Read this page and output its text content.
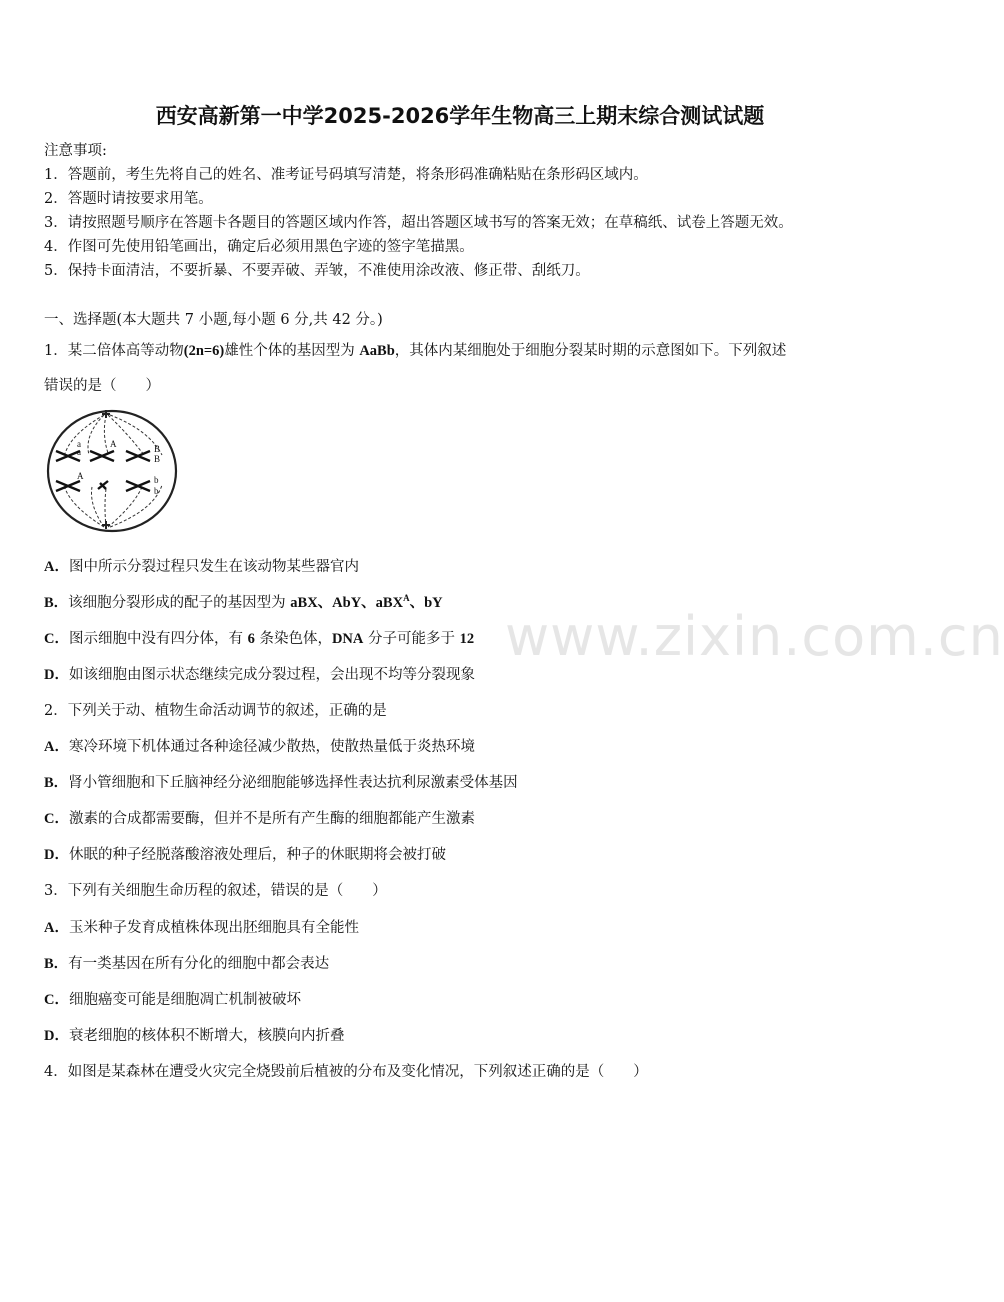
www.zixin.com.cn
西安高新第一中学2025-2026学年生物高三上期末综合测试试题
注意事项:
1．答题前，考生先将自己的姓名、准考证号码填写清楚，将条形码准确粘贴在条形码区域内。
2．答题时请按要求用笔。
3．请按照题号顺序在答题卡各题目的答题区域内作答，超出答题区域书写的答案无效；在草稿纸、试卷上答题无效。
4．作图可先使用铅笔画出，确定后必须用黑色字迹的签字笔描黑。
5．保持卡面清洁，不要折暴、不要弄破、弄皱，不准使用涂改液、修正带、刮纸刀。
一、选择题(本大题共 7 小题,每小题 6 分,共 42 分。)
1．某二倍体高等动物(2n=6)雄性个体的基因型为 AaBb，其体内某细胞处于细胞分裂某时期的示意图如下。下列叙述
错误的是（　　）
a
a
A	B
B
A	b
b
A．图中所示分裂过程只发生在该动物某些器官内
B．该细胞分裂形成的配子的基因型为 aBX、AbY、aBX$^A$、bY
C．图示细胞中没有四分体，有 6 条染色体，DNA 分子可能多于 12
D．如该细胞由图示状态继续完成分裂过程，会出现不均等分裂现象
2．下列关于动、植物生命活动调节的叙述，正确的是
A．寒冷环境下机体通过各种途径减少散热，使散热量低于炎热环境
B．肾小管细胞和下丘脑神经分泌细胞能够选择性表达抗利尿激素受体基因
C．激素的合成都需要酶，但并不是所有产生酶的细胞都能产生激素
D．休眠的种子经脱落酸溶液处理后，种子的休眠期将会被打破
3．下列有关细胞生命历程的叙述，错误的是（　　）
A．玉米种子发育成植株体现出胚细胞具有全能性
B．有一类基因在所有分化的细胞中都会表达
C．细胞癌变可能是细胞凋亡机制被破坏
D．衰老细胞的核体积不断增大，核膜向内折叠
4．如图是某森林在遭受火灾完全烧毁前后植被的分布及变化情况，下列叙述正确的是（　　）
